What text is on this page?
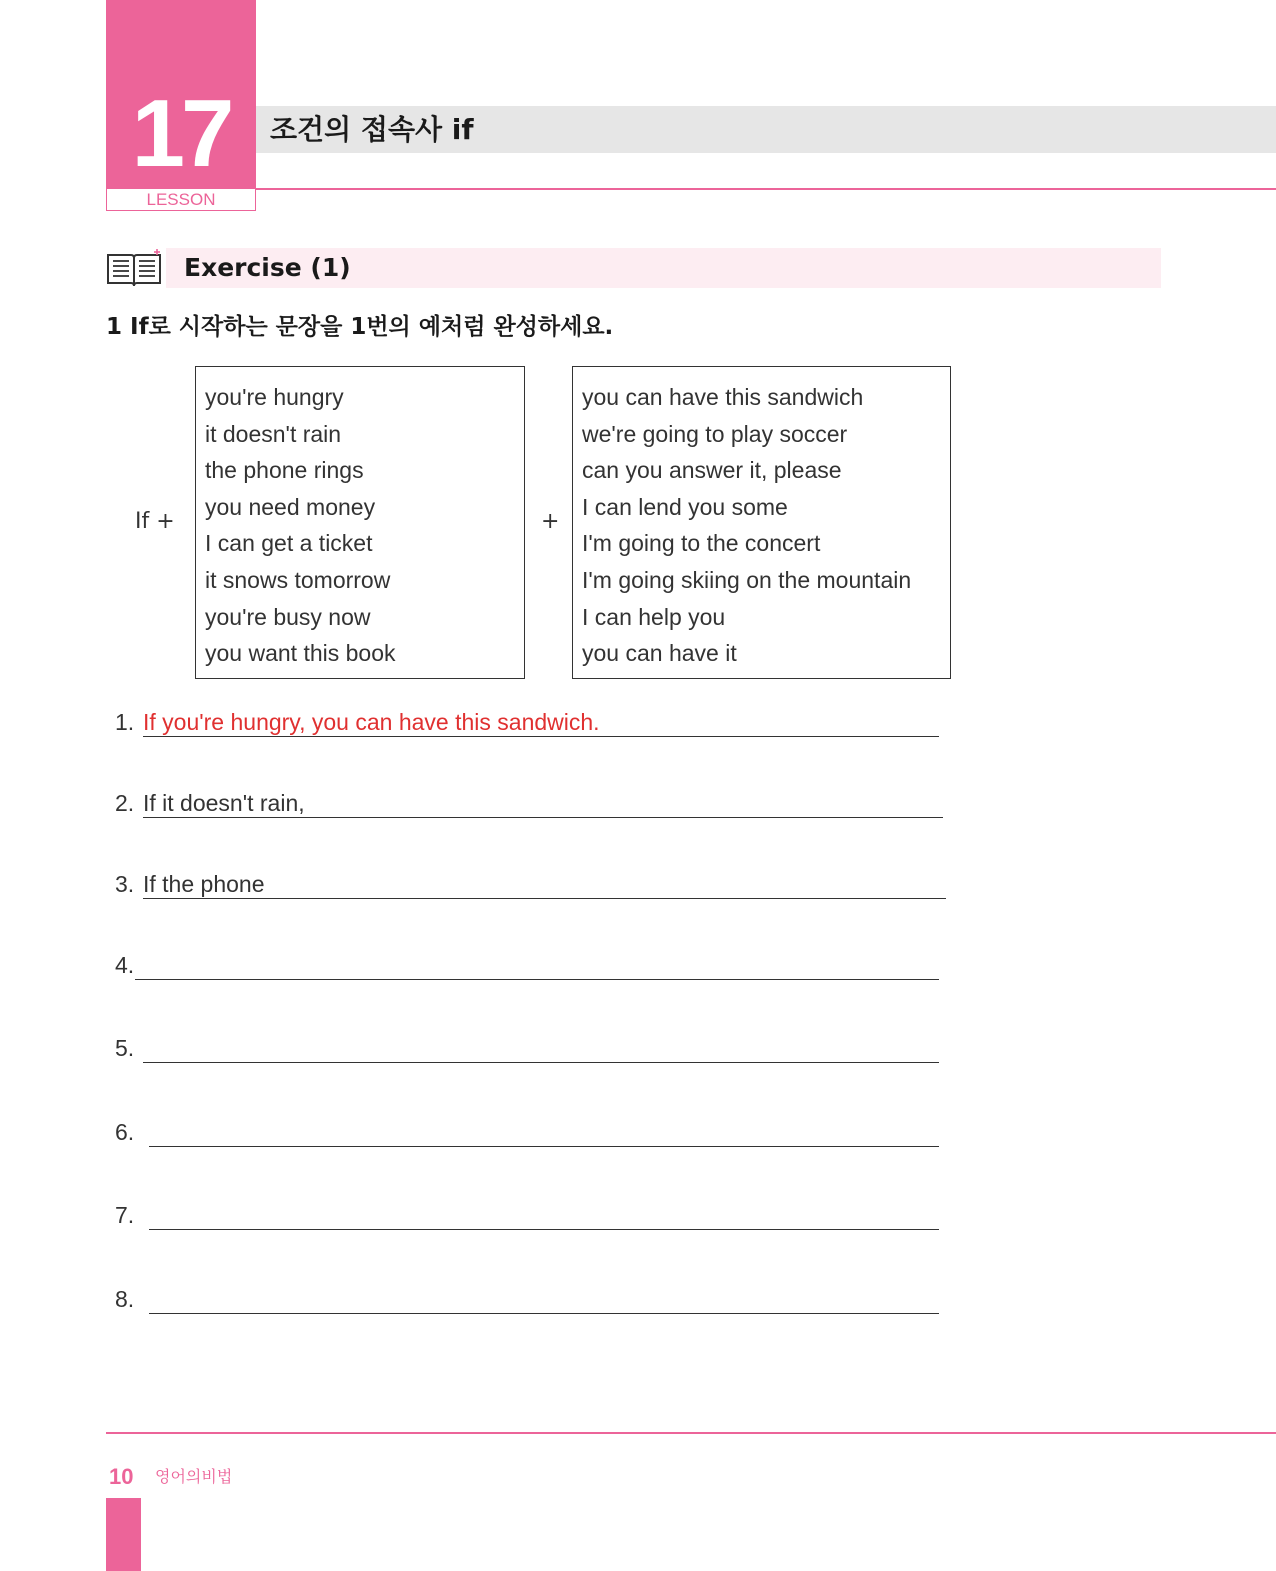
17
LESSON
조건의 접속사 if
Exercise (1)
1 If로 시작하는 문장을 1번의 예처럼 완성하세요.
If +
you're hungry
it doesn't rain
the phone rings
you need money
I can get a ticket
it snows tomorrow
you're busy now
you want this book
+
you can have this sandwich
we're going to play soccer
can you answer it, please
I can lend you some
I'm going to the concert
I'm going skiing on the mountain
I can help you
you can have it
1. If you're hungry, you can have this sandwich.
2. If it doesn't rain,
3. If the phone
4.
5.
6.
7.
8.
10 영어의비법
